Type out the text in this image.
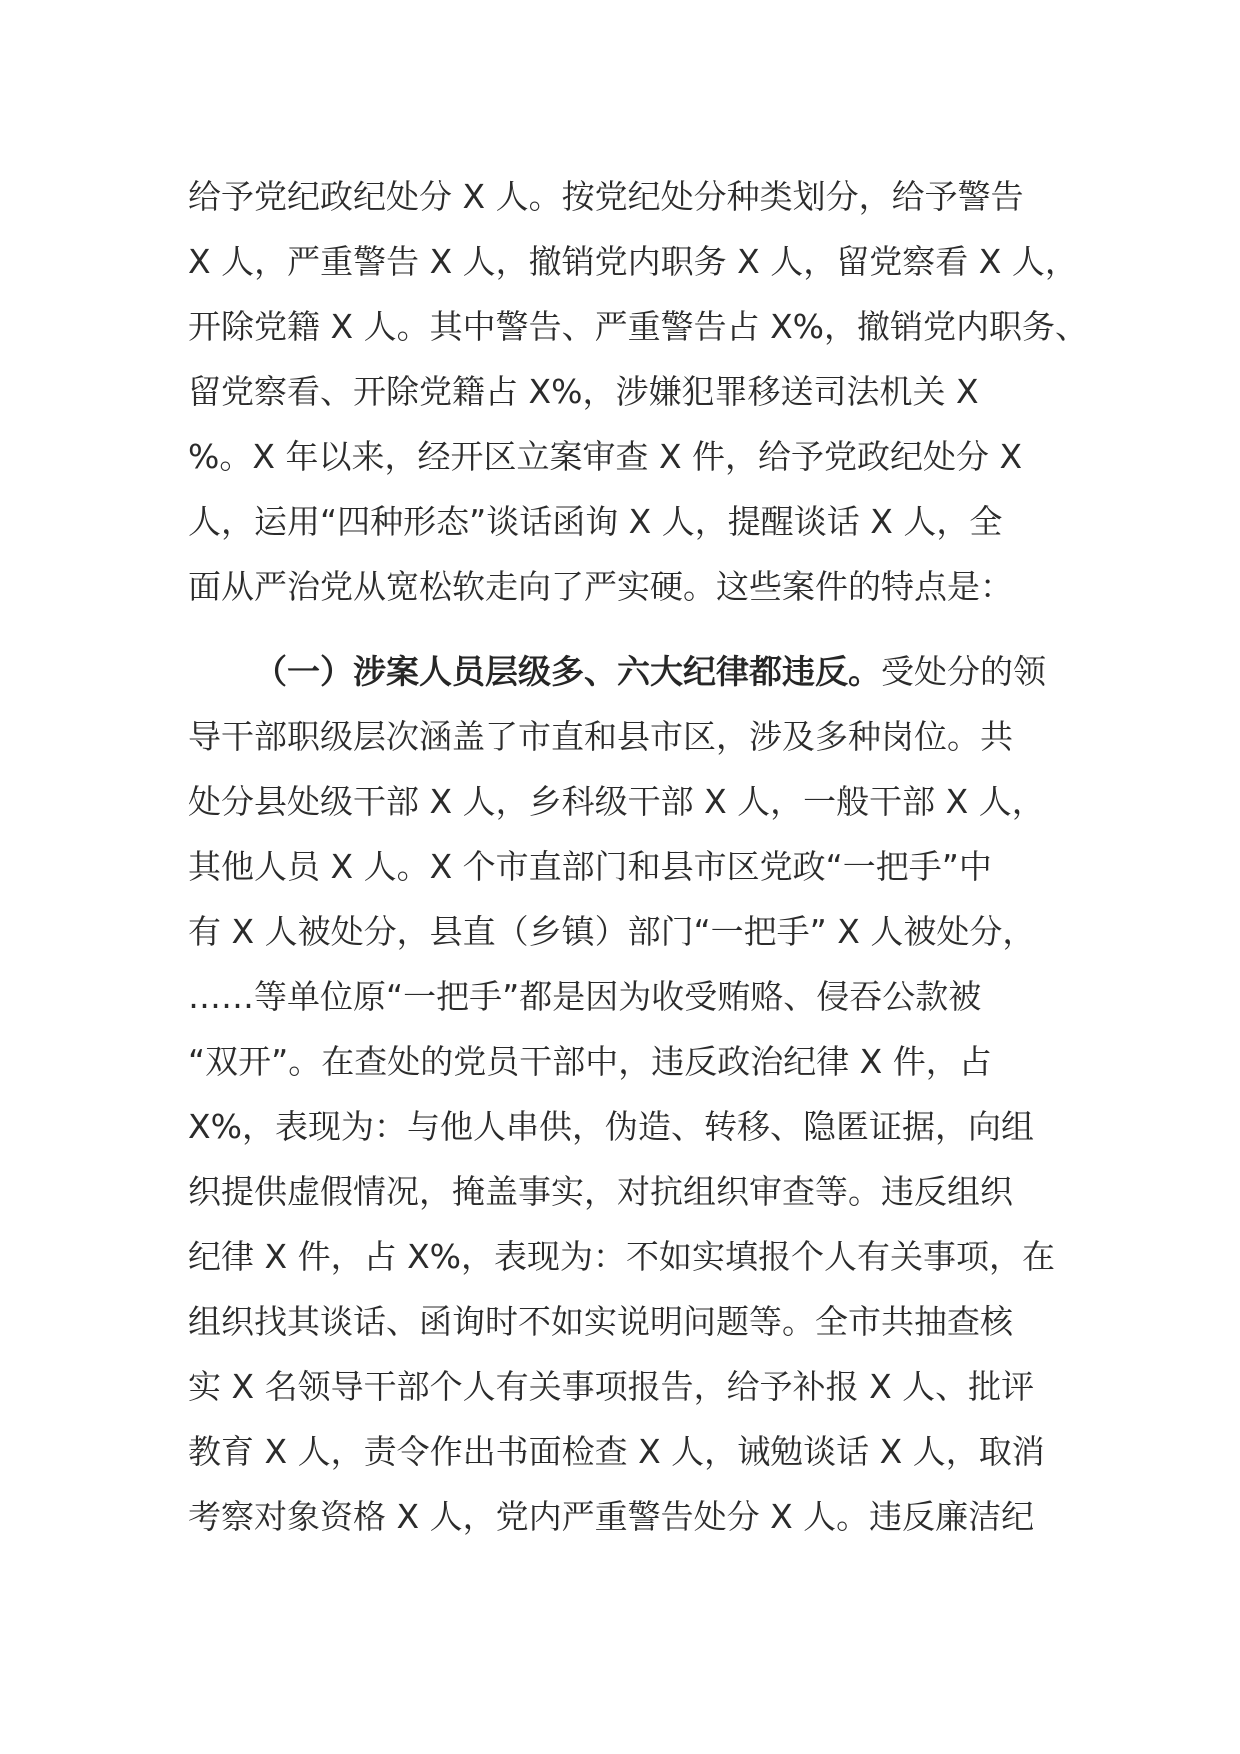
给予党纪政纪处分 X 人。按党纪处分种类划分，给予警告
X 人，严重警告 X 人，撤销党内职务 X 人，留党察看 X 人，
开除党籍 X 人。其中警告、严重警告占 X%，撤销党内职务、
留党察看、开除党籍占 X%，涉嫌犯罪移送司法机关 X
%。X 年以来，经开区立案审查 X 件，给予党政纪处分 X
人，运用“四种形态”谈话函询 X 人，提醒谈话 X 人，全
面从严治党从宽松软走向了严实硬。这些案件的特点是：
（一）涉案人员层级多、六大纪律都违反。受处分的领
导干部职级层次涵盖了市直和县市区，涉及多种岗位。共
处分县处级干部 X 人，乡科级干部 X 人，一般干部 X 人，
其他人员 X 人。X 个市直部门和县市区党政“一把手”中
有 X 人被处分，县直（乡镇）部门“一把手” X 人被处分，
……等单位原“一把手”都是因为收受贿赂、侵吞公款被
“双开”。在查处的党员干部中，违反政治纪律 X 件，占
X%，表现为：与他人串供，伪造、转移、隐匿证据，向组
织提供虚假情况，掩盖事实，对抗组织审查等。违反组织
纪律 X 件，占 X%，表现为：不如实填报个人有关事项，在
组织找其谈话、函询时不如实说明问题等。全市共抽查核
实 X 名领导干部个人有关事项报告，给予补报 X 人、批评
教育 X 人，责令作出书面检查 X 人，诫勉谈话 X 人，取消
考察对象资格 X 人，党内严重警告处分 X 人。违反廉洁纪
